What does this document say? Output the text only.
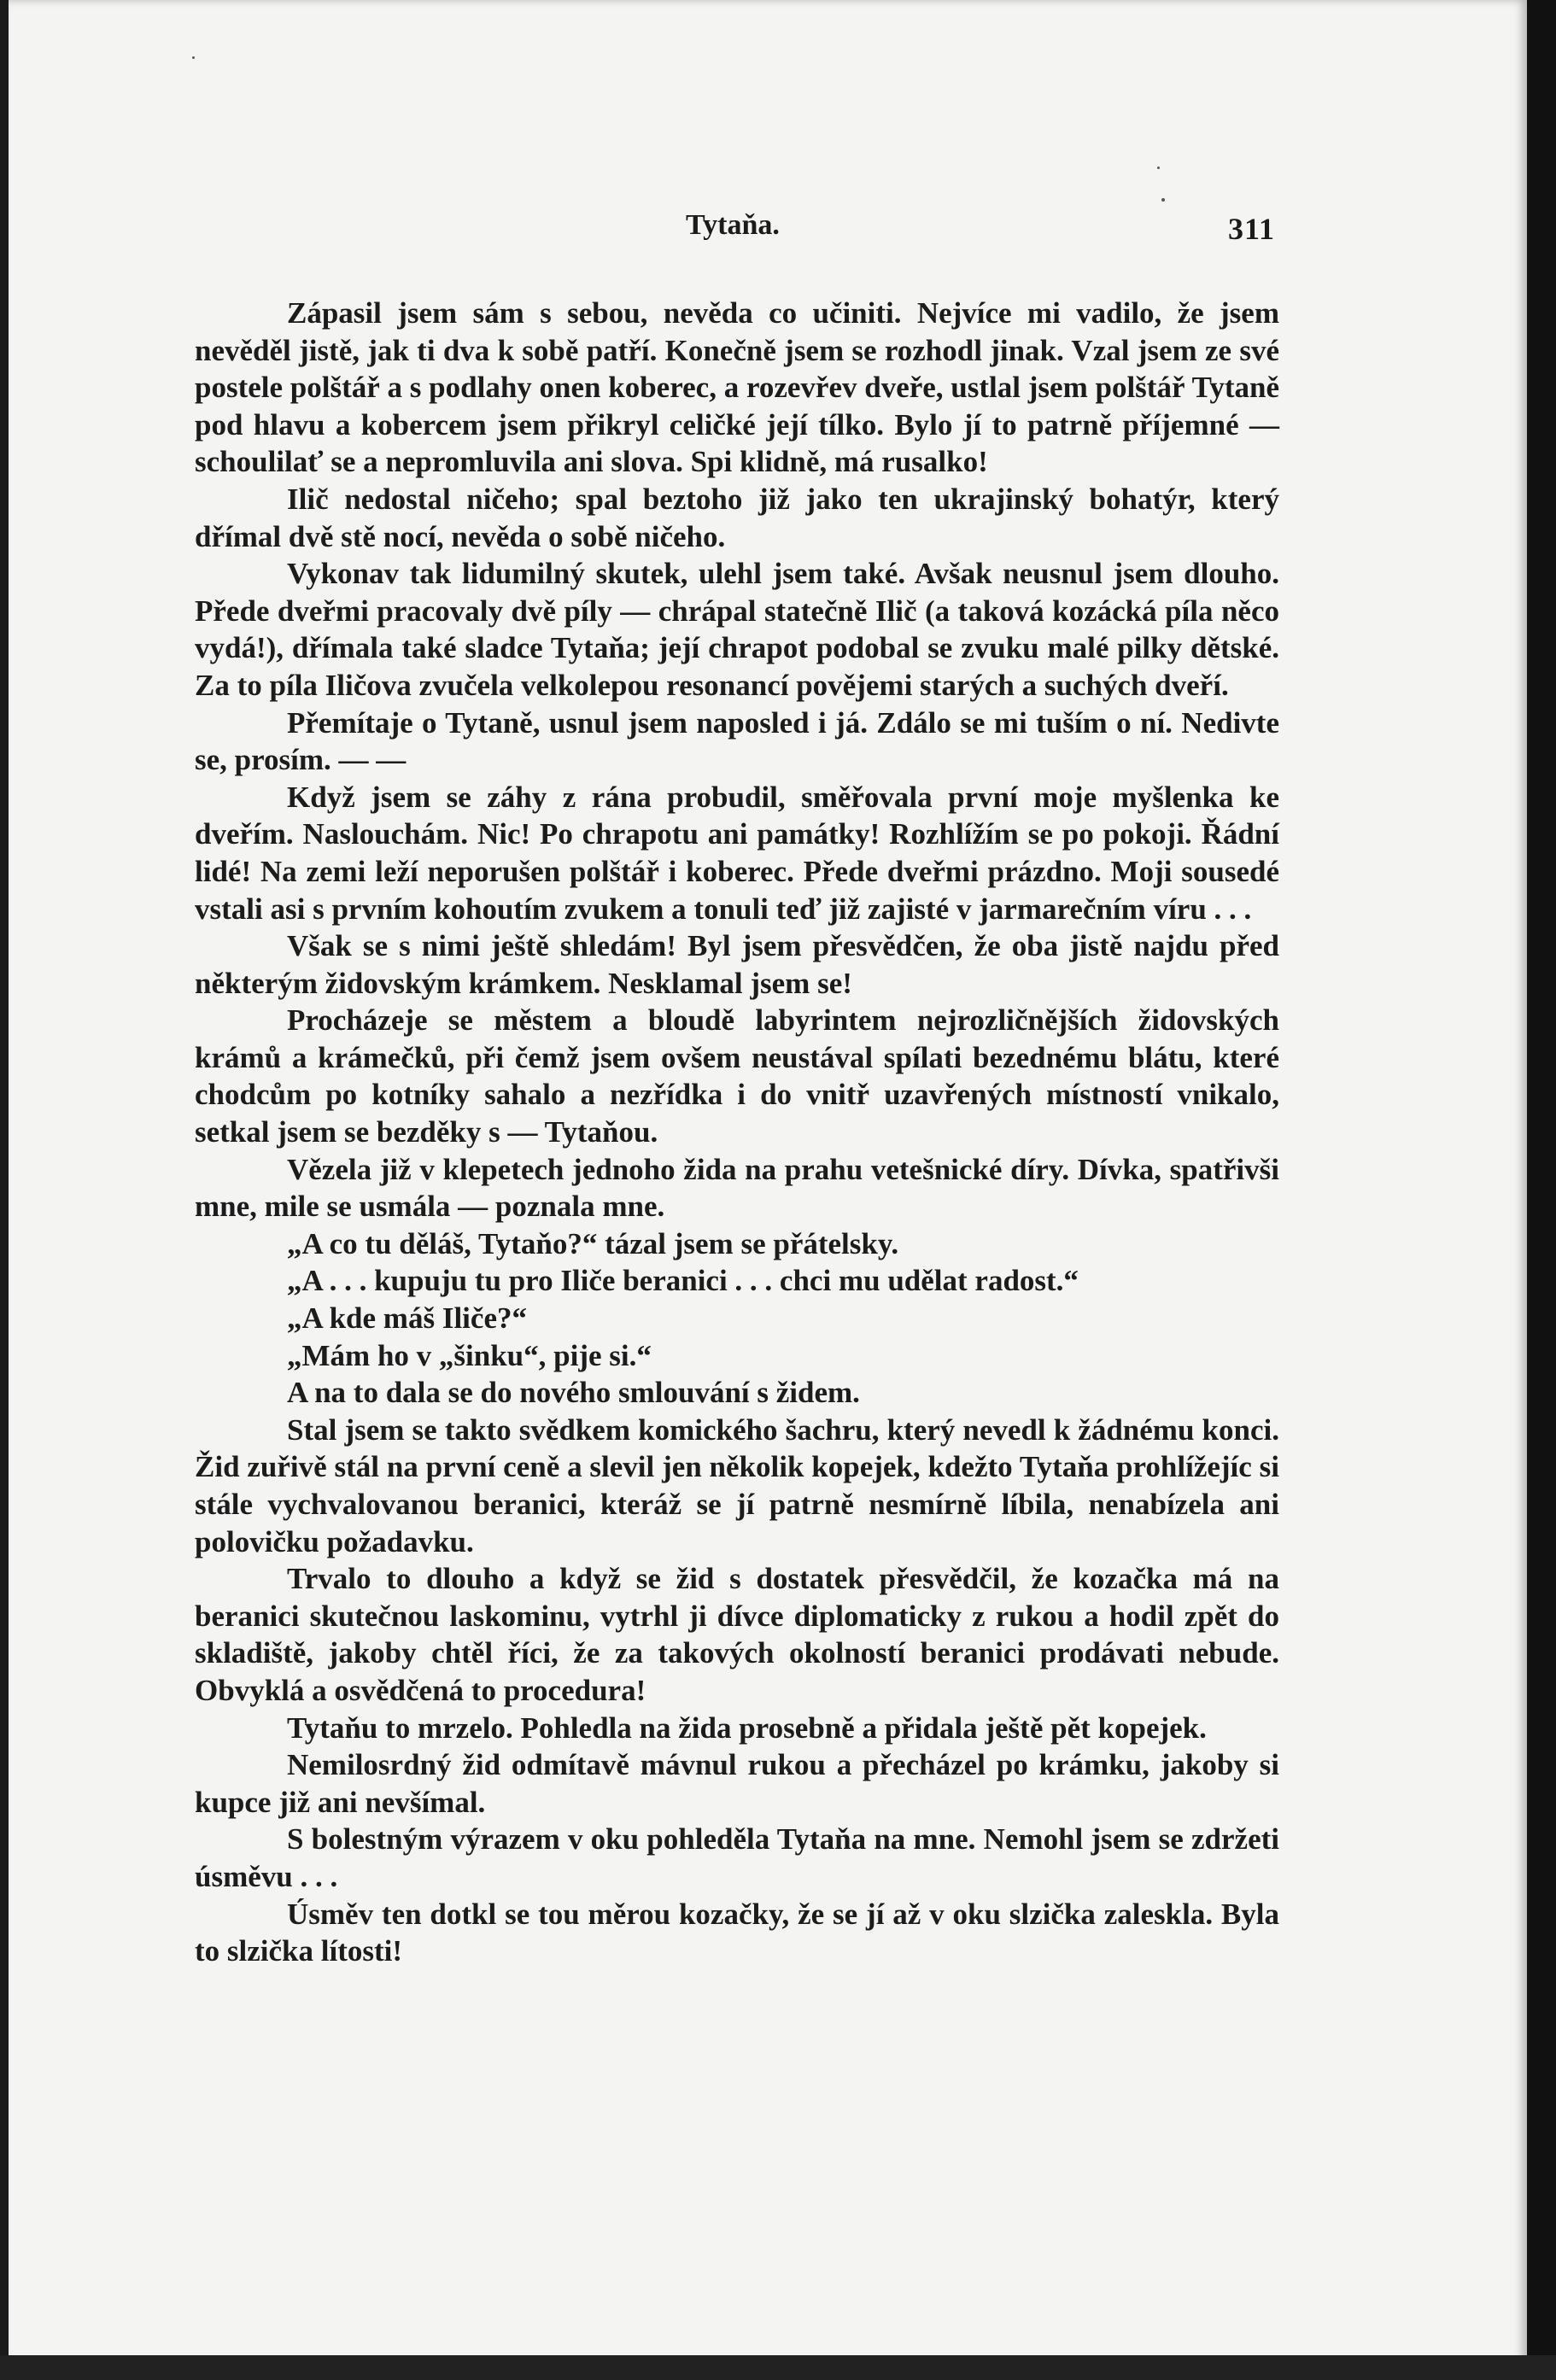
Tytaňa.	311

Zápasil jsem sám s sebou, nevěda co učiniti. Nejvíce mi vadilo, že jsem nevěděl jistě, jak ti dva k sobě patří. Konečně jsem se rozhodl jinak. Vzal jsem ze své postele polštář a s podlahy onen koberec, a rozevřev dveře, ustlal jsem polštář Tytaně pod hlavu a kobercem jsem přikryl celičké její tílko. Bylo jí to patrně příjemné — schoulilať se a nepromluvila ani slova. Spi klidně, má rusalko!

Ilič nedostal ničeho; spal beztoho již jako ten ukrajinský bohatýr, který dřímal dvě stě nocí, nevěda o sobě ničeho.

Vykonav tak lidumilný skutek, ulehl jsem také. Avšak neusnul jsem dlouho. Přede dveřmi pracovaly dvě píly — chrápal statečně Ilič (a taková kozácká píla něco vydá!), dřímala také sladce Tytaňa; její chrapot podobal se zvuku malé pilky dětské. Za to píla Iličova zvučela velkolepou resonancí povějemi starých a suchých dveří.

Přemítaje o Tytaně, usnul jsem naposled i já. Zdálo se mi tuším o ní. Nedivte se, prosím. — —

Když jsem se záhy z rána probudil, směřovala první moje myšlenka ke dveřím. Naslouchám. Nic! Po chrapotu ani památky! Rozhlížím se po pokoji. Řádní lidé! Na zemi leží neporušen polštář i koberec. Přede dveřmi prázdno. Moji sousedé vstali asi s prvním kohoutím zvukem a tonuli teď již zajisté v jarmarečním víru . . .

Však se s nimi ještě shledám! Byl jsem přesvědčen, že oba jistě najdu před některým židovským krámkem. Nesklamal jsem se!

Procházeje se městem a bloudě labyrintem nejrozličnějších židovských krámů a krámečků, při čemž jsem ovšem neustával spílati bezednému blátu, které chodcům po kotníky sahalo a nezřídka i do vnitř uzavřených místností vnikalo, setkal jsem se bezděky s — Tytaňou.

Vězela již v klepetech jednoho žida na prahu vetešnické díry. Dívka, spatřivši mne, mile se usmála — poznala mne.

„A co tu děláš, Tytaňo?“ tázal jsem se přátelsky.

„A . . . kupuju tu pro Iliče beranici . . . chci mu udělat radost.“

„A kde máš Iliče?“

„Mám ho v „šinku“, pije si.“

A na to dala se do nového smlouvání s židem.

Stal jsem se takto svědkem komického šachru, který nevedl k žádnému konci. Žid zuřivě stál na první ceně a slevil jen několik kopejek, kdežto Tytaňa prohlížejíc si stále vychvalovanou beranici, kteráž se jí patrně nesmírně líbila, nenabízela ani polovičku požadavku.

Trvalo to dlouho a když se žid s dostatek přesvědčil, že kozačka má na beranici skutečnou laskominu, vytrhl ji dívce diplomaticky z rukou a hodil zpět do skladiště, jakoby chtěl říci, že za takových okolností beranici prodávati nebude. Obvyklá a osvědčená to procedura!

Tytaňu to mrzelo. Pohledla na žida prosebně a přidala ještě pět kopejek.

Nemilosrdný žid odmítavě mávnul rukou a přecházel po krámku, jakoby si kupce již ani nevšímal.

S bolestným výrazem v oku pohleděla Tytaňa na mne. Nemohl jsem se zdržeti úsměvu . . .

Úsměv ten dotkl se tou měrou kozačky, že se jí až v oku slzička zaleskla. Byla to slzička lítosti!
